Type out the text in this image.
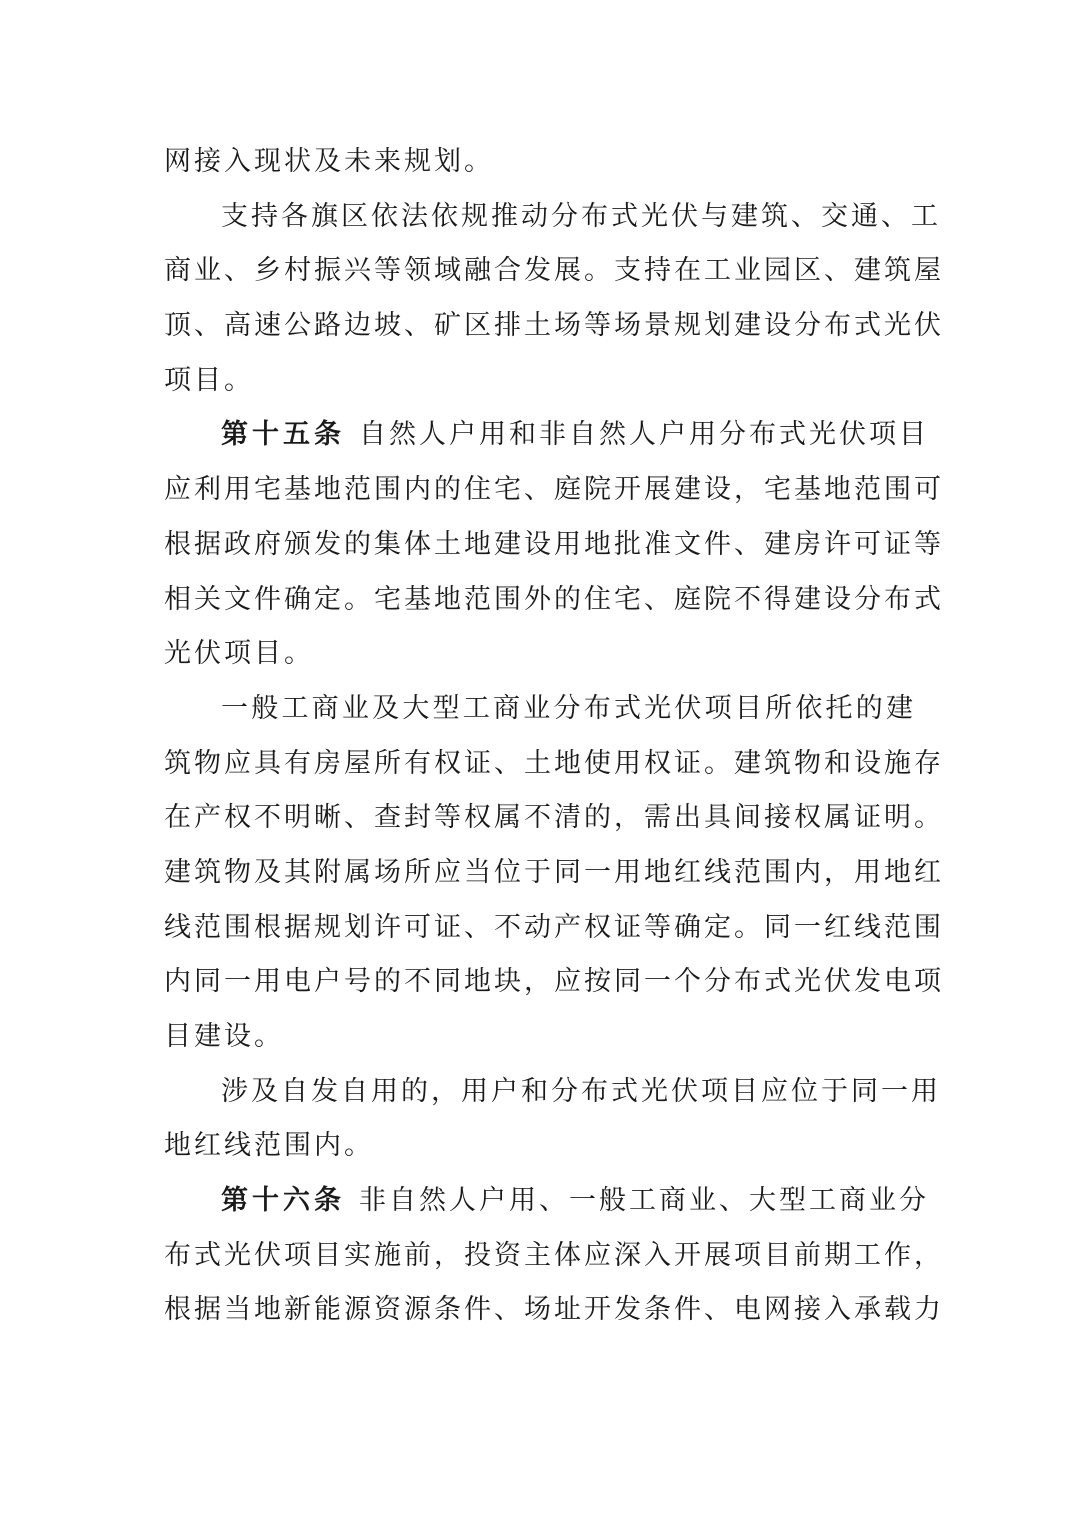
网接入现状及未来规划。
支持各旗区依法依规推动分布式光伏与建筑、交通、工
商业、乡村振兴等领域融合发展。支持在工业园区、建筑屋
顶、高速公路边坡、矿区排土场等场景规划建设分布式光伏
项目。
第十五条 自然人户用和非自然人户用分布式光伏项目
应利用宅基地范围内的住宅、庭院开展建设，宅基地范围可
根据政府颁发的集体土地建设用地批准文件、建房许可证等
相关文件确定。宅基地范围外的住宅、庭院不得建设分布式
光伏项目。
一般工商业及大型工商业分布式光伏项目所依托的建
筑物应具有房屋所有权证、土地使用权证。建筑物和设施存
在产权不明晰、查封等权属不清的，需出具间接权属证明。
建筑物及其附属场所应当位于同一用地红线范围内，用地红
线范围根据规划许可证、不动产权证等确定。同一红线范围
内同一用电户号的不同地块，应按同一个分布式光伏发电项
目建设。
涉及自发自用的，用户和分布式光伏项目应位于同一用
地红线范围内。
第十六条 非自然人户用、一般工商业、大型工商业分
布式光伏项目实施前，投资主体应深入开展项目前期工作，
根据当地新能源资源条件、场址开发条件、电网接入承载力
